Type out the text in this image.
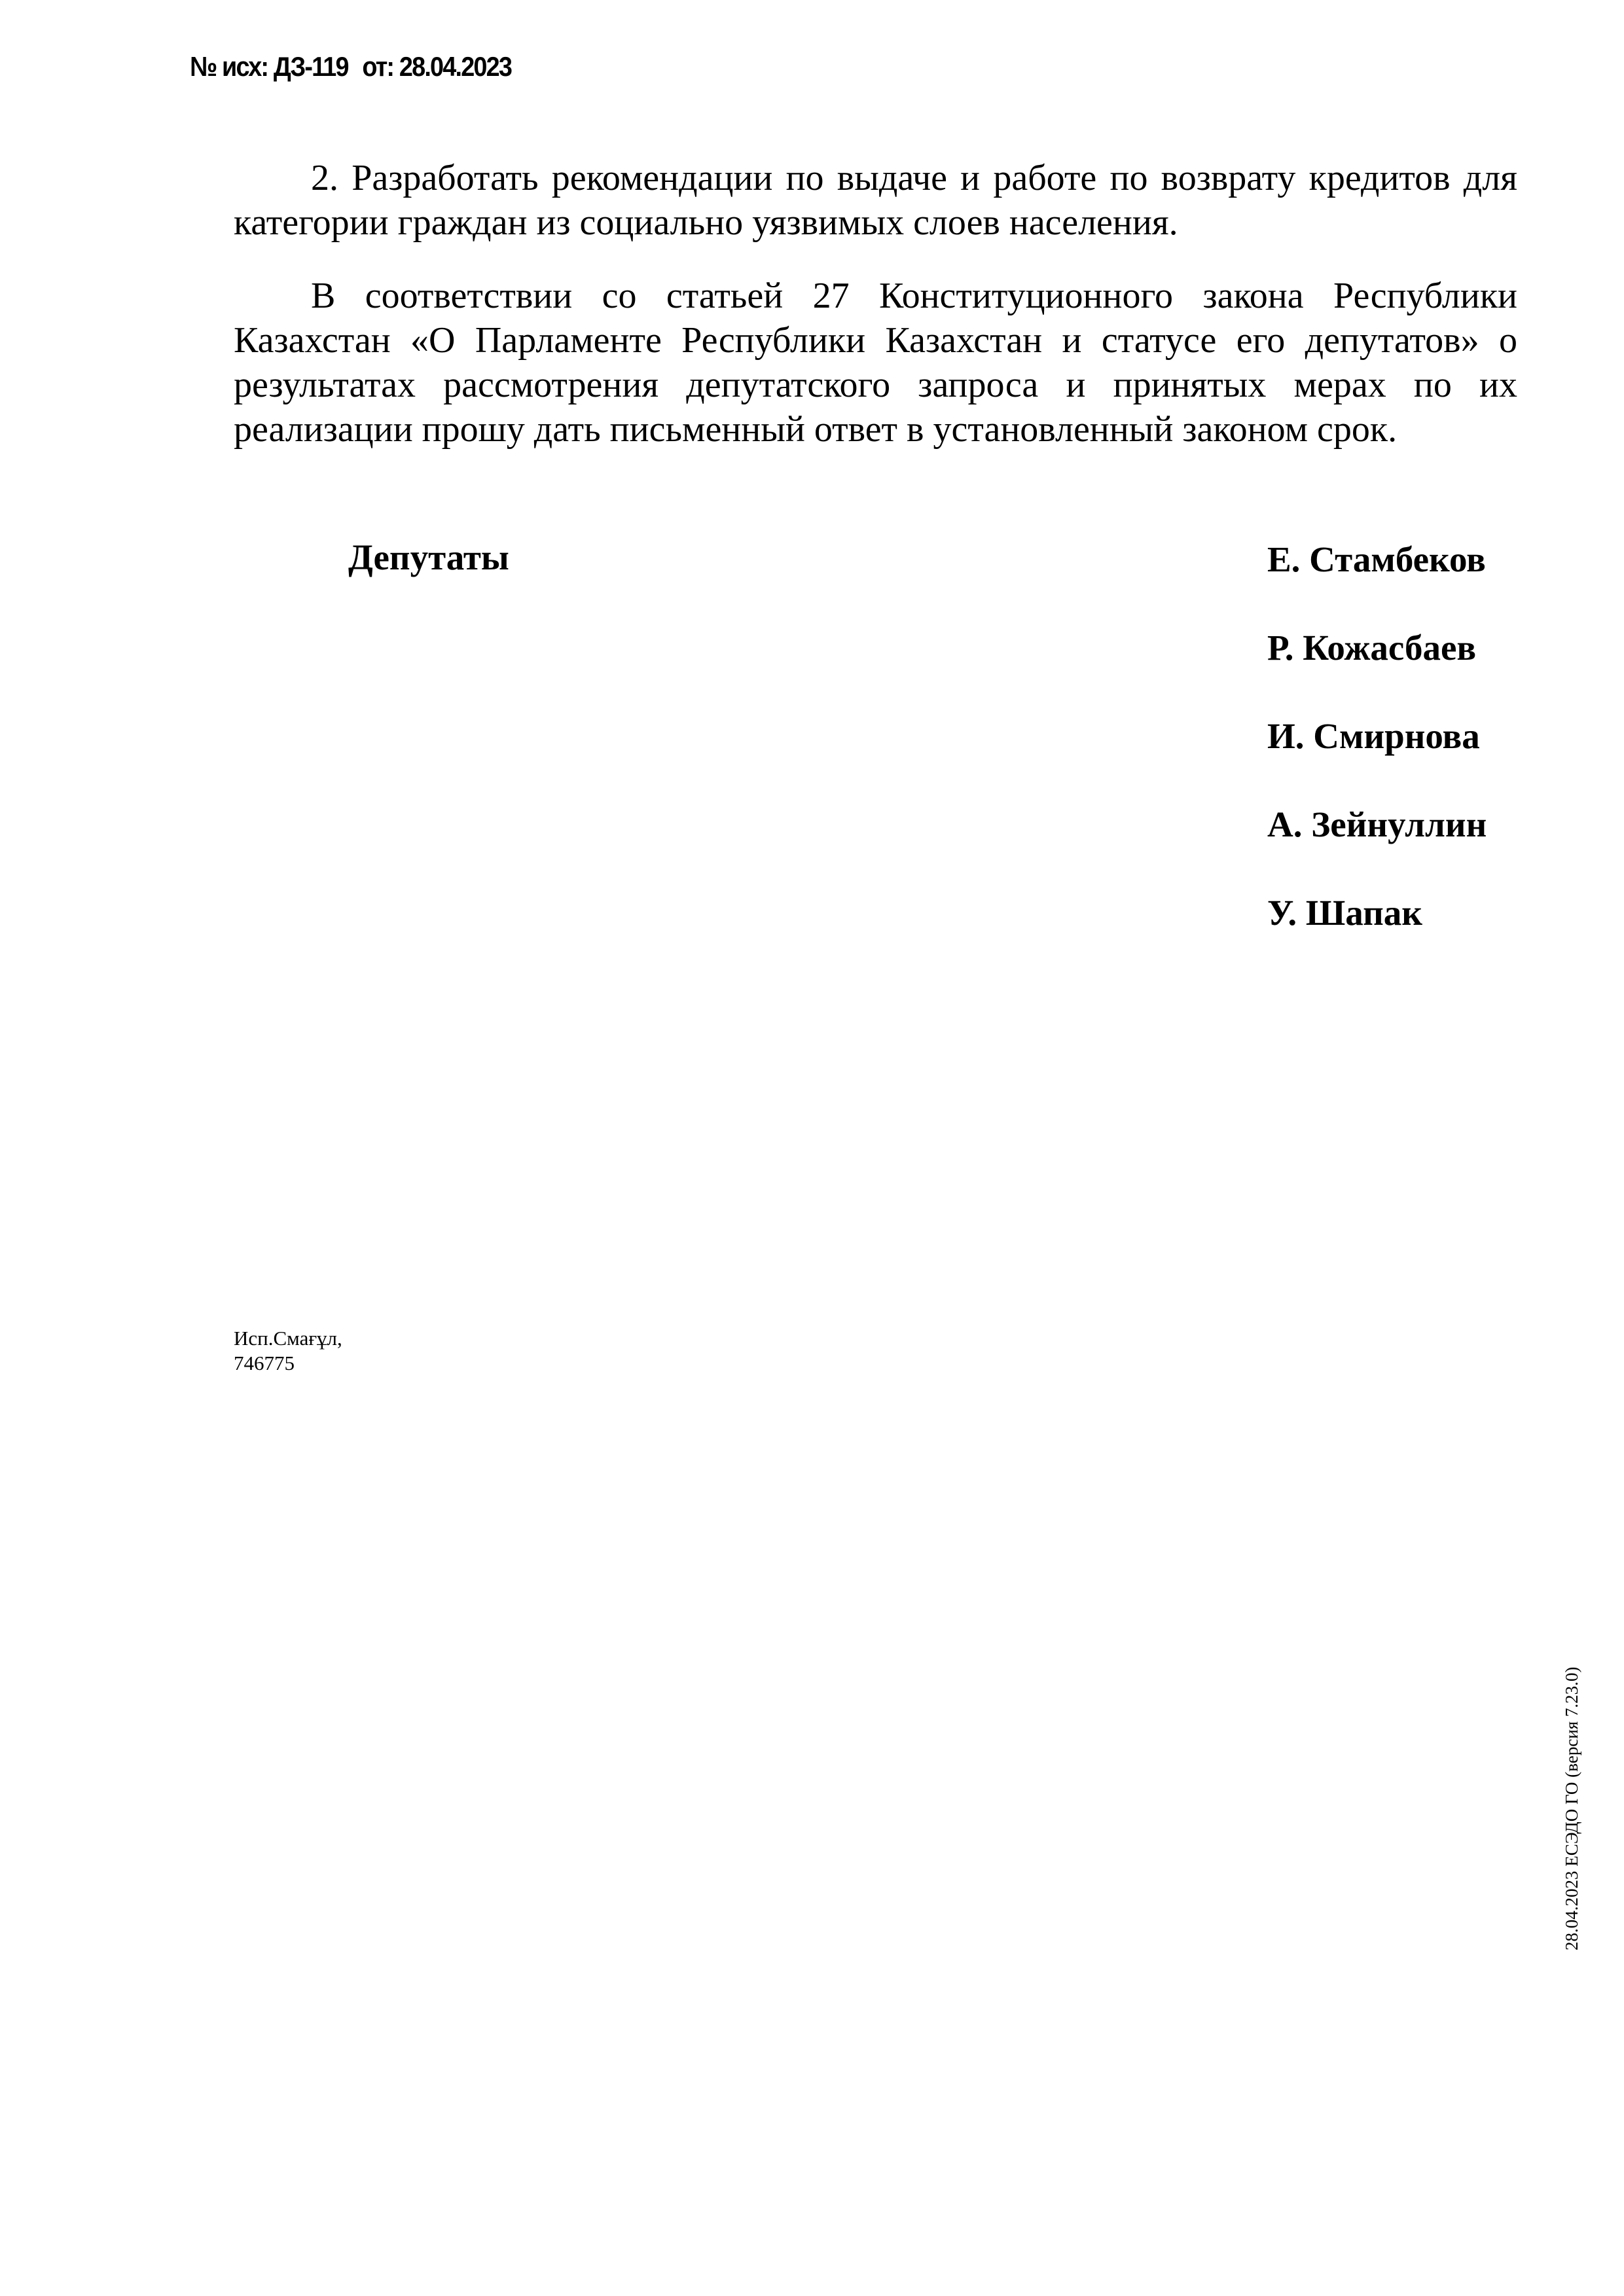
№ исх: ДЗ-119 от: 28.04.2023

2. Разработать рекомендации по выдаче и работе по возврату кредитов для категории граждан из социально уязвимых слоев населения.

В соответствии со статьей 27 Конституционного закона Республики Казахстан «О Парламенте Республики Казахстан и статусе его депутатов» о результатах рассмотрения депутатского запроса и принятых мерах по их реализации прошу дать письменный ответ в установленный законом срок.

Депутаты	Е. Стамбеков
Р. Кожасбаев
И. Смирнова
А. Зейнуллин
У. Шапак
Исп.Смағұл,
746775
28.04.2023 ЕСЭДО ГО (версия 7.23.0)
